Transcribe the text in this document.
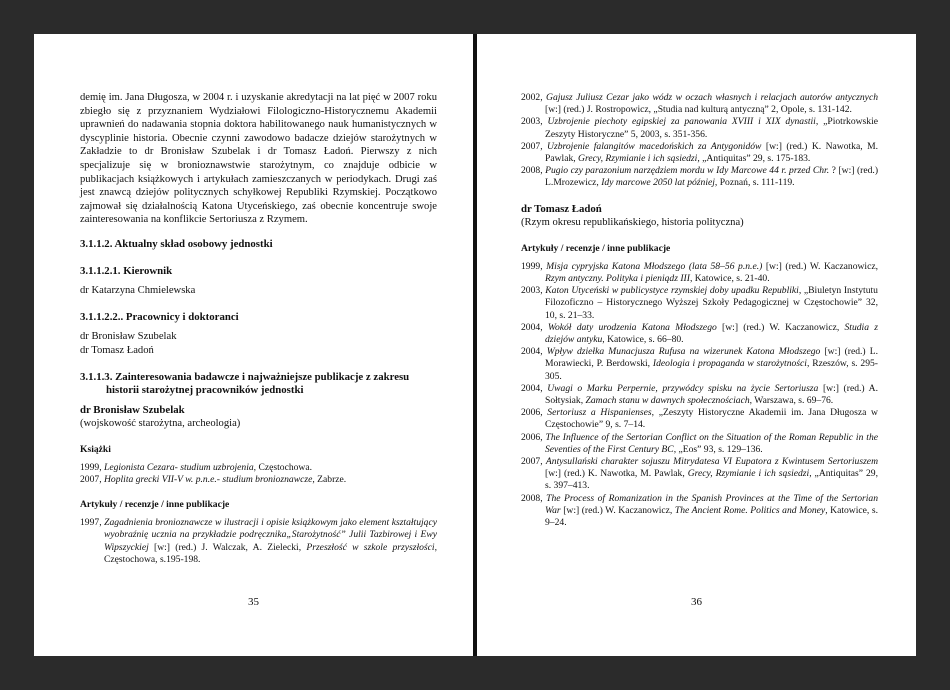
demię im. Jana Długosza, w 2004 r. i uzyskanie akredytacji na lat pięć w 2007 roku zbiegło się z przyznaniem Wydziałowi Filologiczno-Historycznemu Akademii uprawnień do nadawania stopnia doktora habilitowanego nauk humanistycznych w dyscyplinie historia. Obecnie czynni zawodowo badacze dziejów starożytnych w Zakładzie to dr Bronisław Szubelak i dr Tomasz Ładoń. Pierwszy z nich specjalizuje się w bronioznawstwie starożytnym, co znajduje odbicie w publikacjach książkowych i artykułach zamieszczanych w periodykach. Drugi zaś jest znawcą dziejów politycznych schyłkowej Republiki Rzymskiej. Początkowo zajmował się działalnością Katona Utyceńskiego, zaś obecnie koncentruje swoje zainteresowania na konflikcie Sertoriusza z Rzymem.

3.1.1.2. Aktualny skład osobowy jednostki
3.1.1.2.1. Kierownik

dr Katarzyna Chmielewska

3.1.1.2.2.. Pracownicy i doktoranci

dr Bronisław Szubelak

dr Tomasz Ładoń

3.1.1.3. Zainteresowania badawcze i najważniejsze publikacje z zakresu
historii starożytnej pracowników jednostki

dr Bronisław Szubelak

(wojskowość starożytna, archeologia)

Książki

1999, Legionista Cezara- studium uzbrojenia, Częstochowa.

2007, Hoplita grecki VII-V w. p.n.e.- studium bronioznawcze, Zabrze.

Artykuły / recenzje / inne publikacje

1997, Zagadnienia bronioznawcze w ilustracji i opisie książkowym jako element kształtujący wyobraźnię ucznia na przykładzie podręcznika„Starożytność” Julii Tazbirowej i Ewy Wipszyckiej [w:] (red.) J. Walczak, A. Zielecki, Przeszłość w szkole przyszłości, Częstochowa, s.195-198.

35

2002, Gajusz Juliusz Cezar jako wódz w oczach własnych i relacjach autorów antycznych [w:] (red.) J. Rostropowicz, „Studia nad kulturą antyczną” 2, Opole, s. 131-142.

2003, Uzbrojenie piechoty egipskiej za panowania XVIII i XIX dynastii, „Piotrkowskie Zeszyty Historyczne” 5, 2003, s. 351-356.

2007, Uzbrojenie falangitów macedońskich za Antygonidów [w:] (red.) K. Nawotka, M. Pawlak, Grecy, Rzymianie i ich sąsiedzi, „Antiquitas” 29, s. 175-183.

2008, Pugio czy parazonium narzędziem mordu w Idy Marcowe 44 r. przed Chr. ? [w:] (red.) L.Mrozewicz, Idy marcowe 2050 lat później, Poznań, s. 111-119.

dr Tomasz Ładoń

(Rzym okresu republikańskiego, historia polityczna)

Artykuły / recenzje / inne publikacje

1999, Misja cypryjska Katona Młodszego (lata 58–56 p.n.e.) [w:] (red.) W. Kaczanowicz, Rzym antyczny. Polityka i pieniądz III, Katowice, s. 21-40.

2003, Katon Utyceński w publicystyce rzymskiej doby upadku Republiki, „Biuletyn Instytutu Filozoficzno – Historycznego Wyższej Szkoły Pedagogicznej w Częstochowie” 32, 10, s. 21–33.

2004, Wokół daty urodzenia Katona Młodszego [w:] (red.) W. Kaczanowicz, Studia z dziejów antyku, Katowice, s. 66–80.

2004, Wpływ dziełka Munacjusza Rufusa na wizerunek Katona Młodszego [w:] (red.) L. Morawiecki, P. Berdowski, Ideologia i propaganda w starożytności, Rzeszów, s. 295-305.

2004, Uwagi o Marku Perpernie, przywódcy spisku na życie Sertoriusza [w:] (red.) A. Sołtysiak, Zamach stanu w dawnych społecznościach, Warszawa, s. 69–76.

2006, Sertoriusz a Hispanienses, „Zeszyty Historyczne Akademii im. Jana Długosza w Częstochowie” 9, s. 7–14.

2006, The Influence of the Sertorian Conflict on the Situation of the Roman Republic in the Seventies of the First Century BC, „Eos” 93, s. 129–136.

2007, Antysullański charakter sojuszu Mitrydatesa VI Eupatora z Kwintusem Sertoriuszem [w:] (red.) K. Nawotka, M. Pawlak, Grecy, Rzymianie i ich sąsiedzi, „Antiquitas” 29, s. 397–413.

2008, The Process of Romanization in the Spanish Provinces at the Time of the Sertorian War [w:] (red.) W. Kaczanowicz, The Ancient Rome. Politics and Money, Katowice, s. 9–24.

36
